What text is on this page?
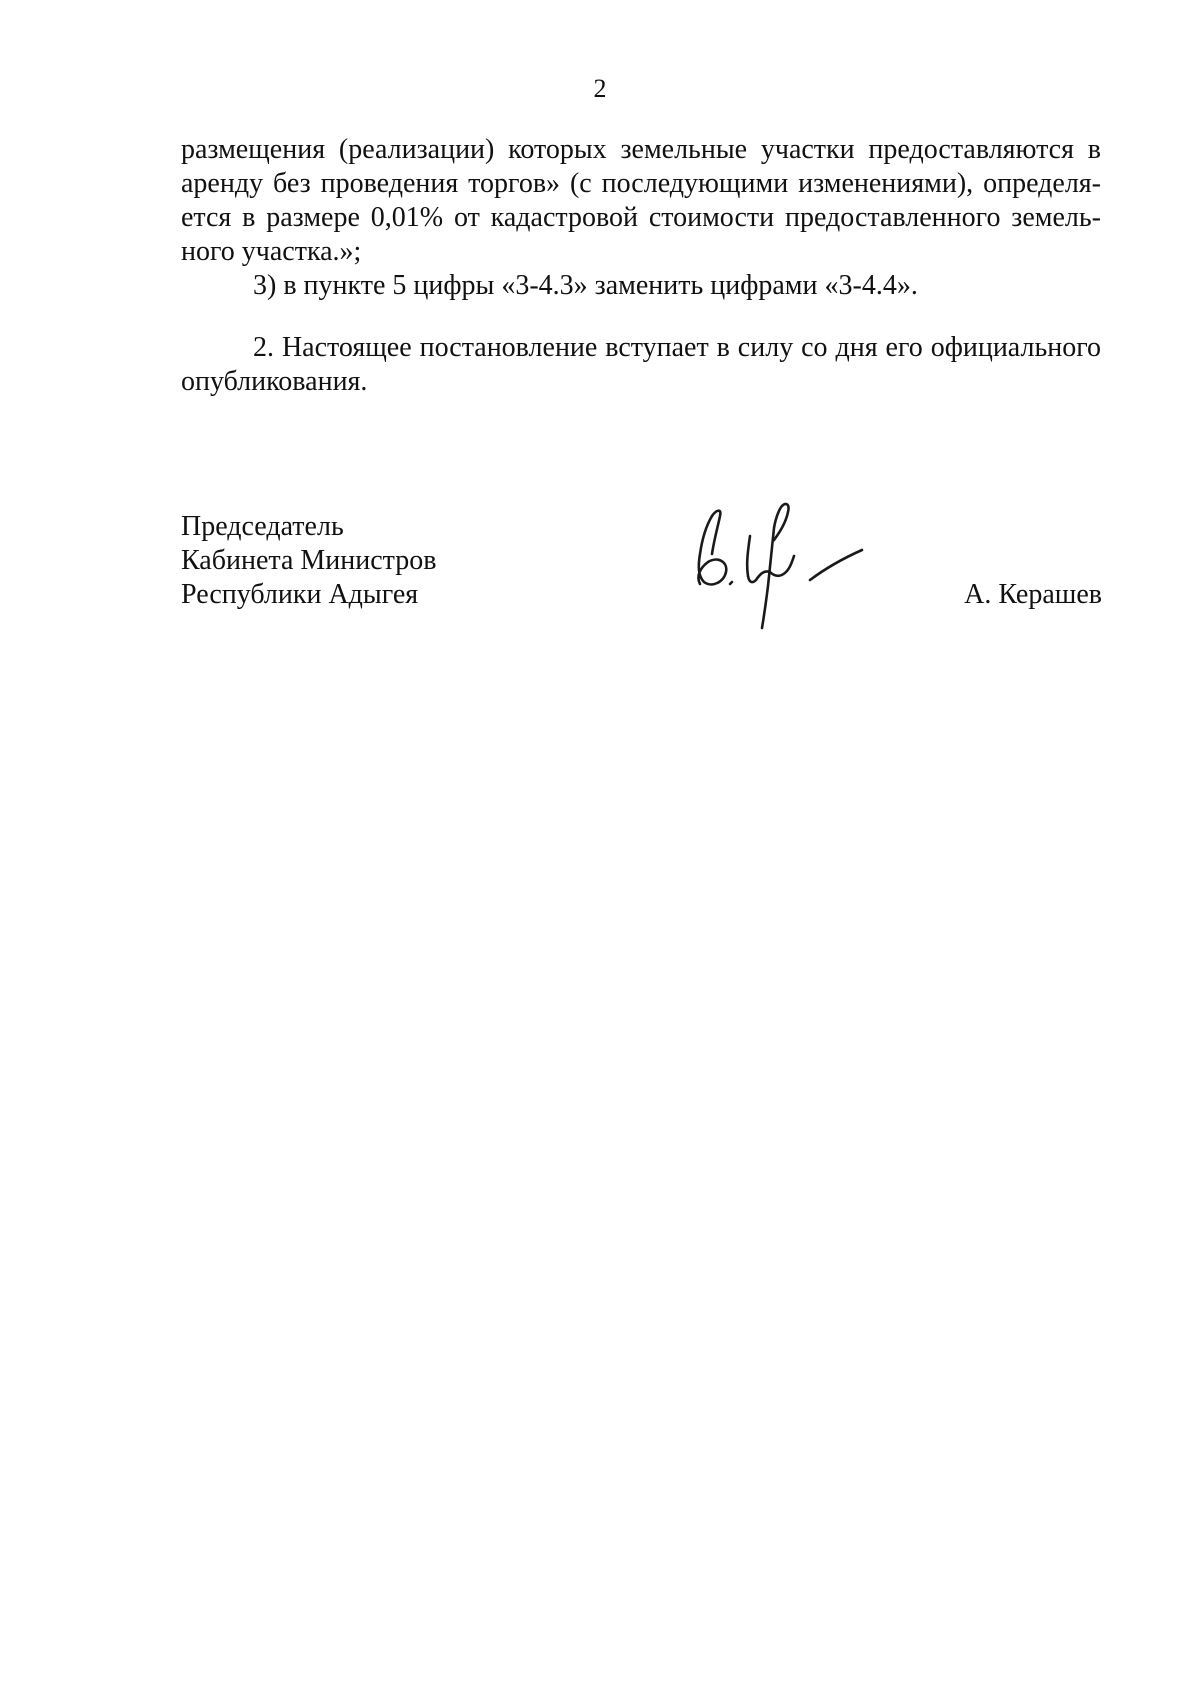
2
размещения (реализации) которых земельные участки предоставляются в
аренду без проведения торгов» (с последующими изменениями), определя-
ется в размере 0,01% от кадастровой стоимости предоставленного земель-
ного участка.»;
3) в пункте 5 цифры «3-4.3» заменить цифрами «3-4.4».
2. Настоящее постановление вступает в силу со дня его официального
опубликования.
Председатель
Кабинета Министров
Республики Адыгея	А. Керашев
